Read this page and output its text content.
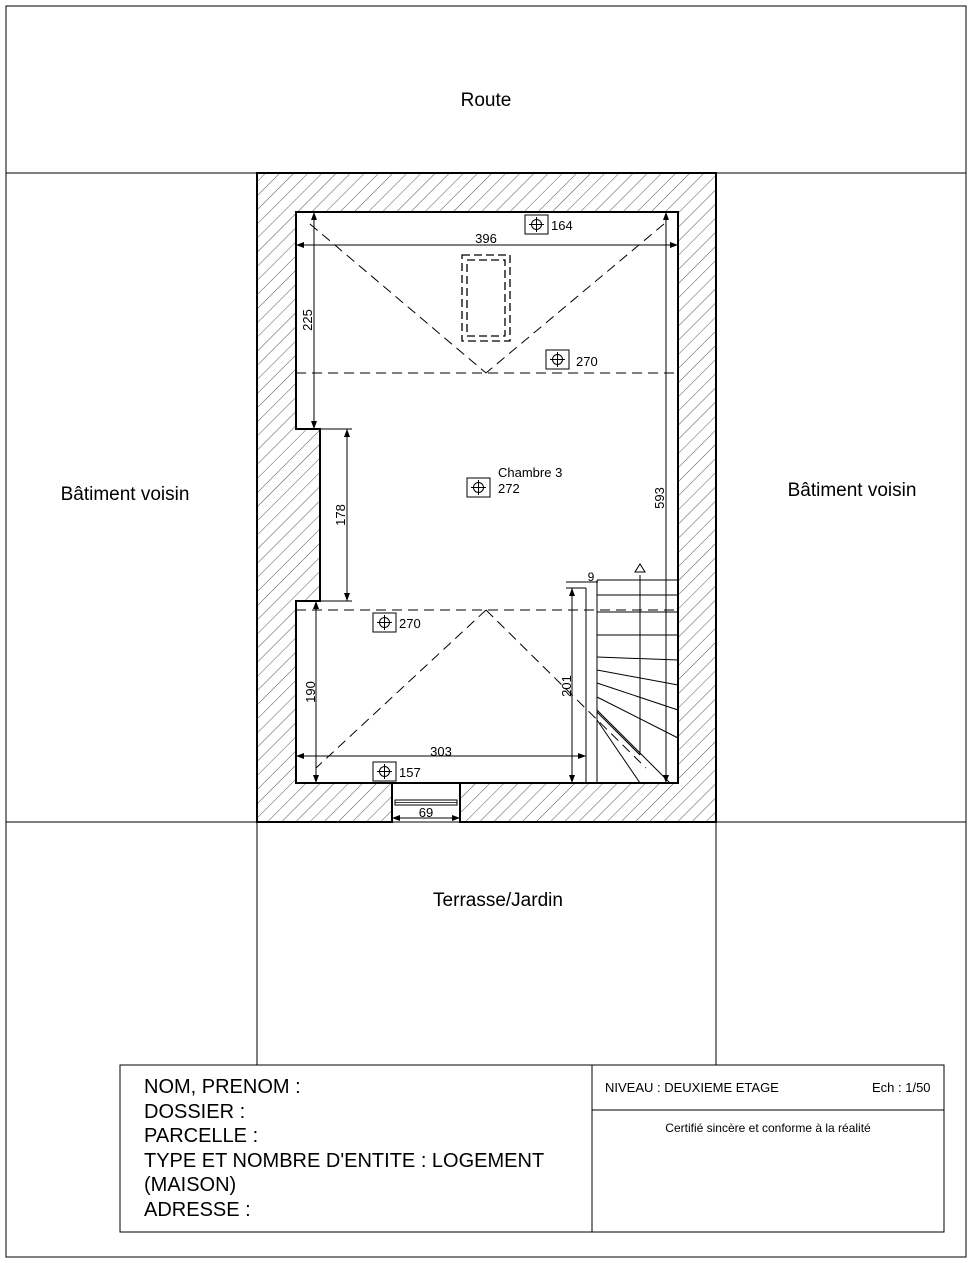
Route
Bâtiment voisin	Bâtiment voisin
Terrasse/Jardin
Chambre 3
164
270
272
270
157
396
225
178
593
190
303
201
9
69
NOM, PRENOM :
DOSSIER :
PARCELLE :
TYPE ET NOMBRE D'ENTITE : LOGEMENT (MAISON)
ADRESSE :
NIVEAU : DEUXIEME ETAGE	Ech : 1/50
Certifié sincère et conforme à la réalité
